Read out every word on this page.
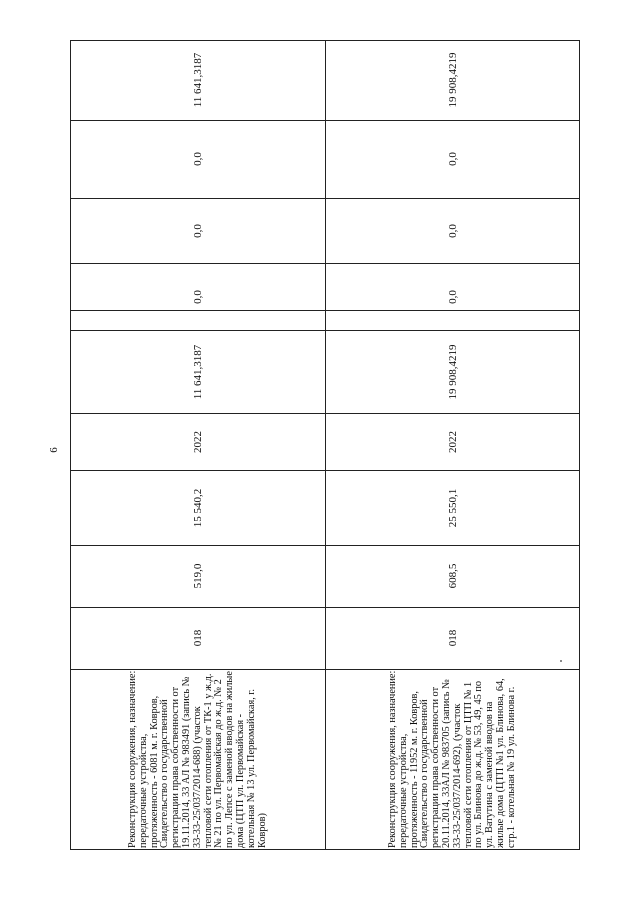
6
Реконструкция сооружения, назначение: передаточные устройства, протяженность - 6081 м. г. Ковров, Свидетельство о государственной регистрации права собственности от 19.11.2014, 33 АЛ № 983491 (запись № 33-33-25/037/2014-688) (участок тепловой сети отопления от ТК-1 у ж.д. № 21 по ул. Первомайская до ж.д. № 2 по ул. Лепсе с заменой вводов на жилые дома (ЦТП ул. Первомайская - котельная № 13 ул. Первомайская, г. Ковров)
018
519,0
15 540,2
2022
11 641,3187
0,0
0,0
0,0
11 641,3187
Реконструкция сооружения, назначение: передаточные устройства, протяженность - 11952 м. г. Ковров, Свидетельство о государственной регистрации права собственности от 20.11.2014, 33АЛ № 983705 (запись № 33-33-25/037/2014-692), (участок тепловой сети отопления от ЦТП № 1 по ул. Блинова до ж.д. № 53, 49, 45 по ул. Ватутина с заменой вводов на жилые дома (ЦТП №1 ул. Блинова, 64, стр.1 - котельная № 19 ул. Блинова г.
018
608,5
25 550,1
2022
19 908,4219
0,0
0,0
0,0
19 908,4219
